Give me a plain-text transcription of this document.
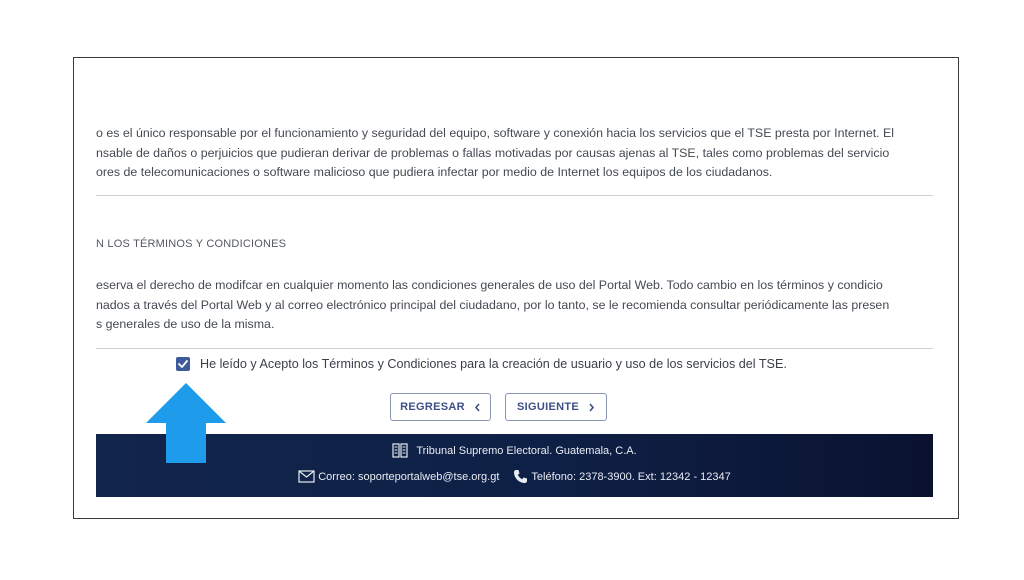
o es el único responsable por el funcionamiento y seguridad del equipo, software y conexión hacia los servicios que el TSE presta por Internet. El
nsable de daños o perjuicios que pudieran derivar de problemas o fallas motivadas por causas ajenas al TSE, tales como problemas del servicio
ores de telecomunicaciones o software malicioso que pudiera infectar por medio de Internet los equipos de los ciudadanos.

N LOS TÉRMINOS Y CONDICIONES

eserva el derecho de modifcar en cualquier momento las condiciones generales de uso del Portal Web. Todo cambio en los términos y condicio
nados a través del Portal Web y al correo electrónico principal del ciudadano, por lo tanto, se le recomienda consultar periódicamente las presen
s generales de uso de la misma.

He leído y Acepto los Términos y Condiciones para la creación de usuario y uso de los servicios del TSE.
REGRESAR	SIGUIENTE
Tribunal Supremo Electoral. Guatemala, C.A.
Correo: soporteportalweb@tse.org.gt	Teléfono: 2378-3900. Ext: 12342 - 12347
